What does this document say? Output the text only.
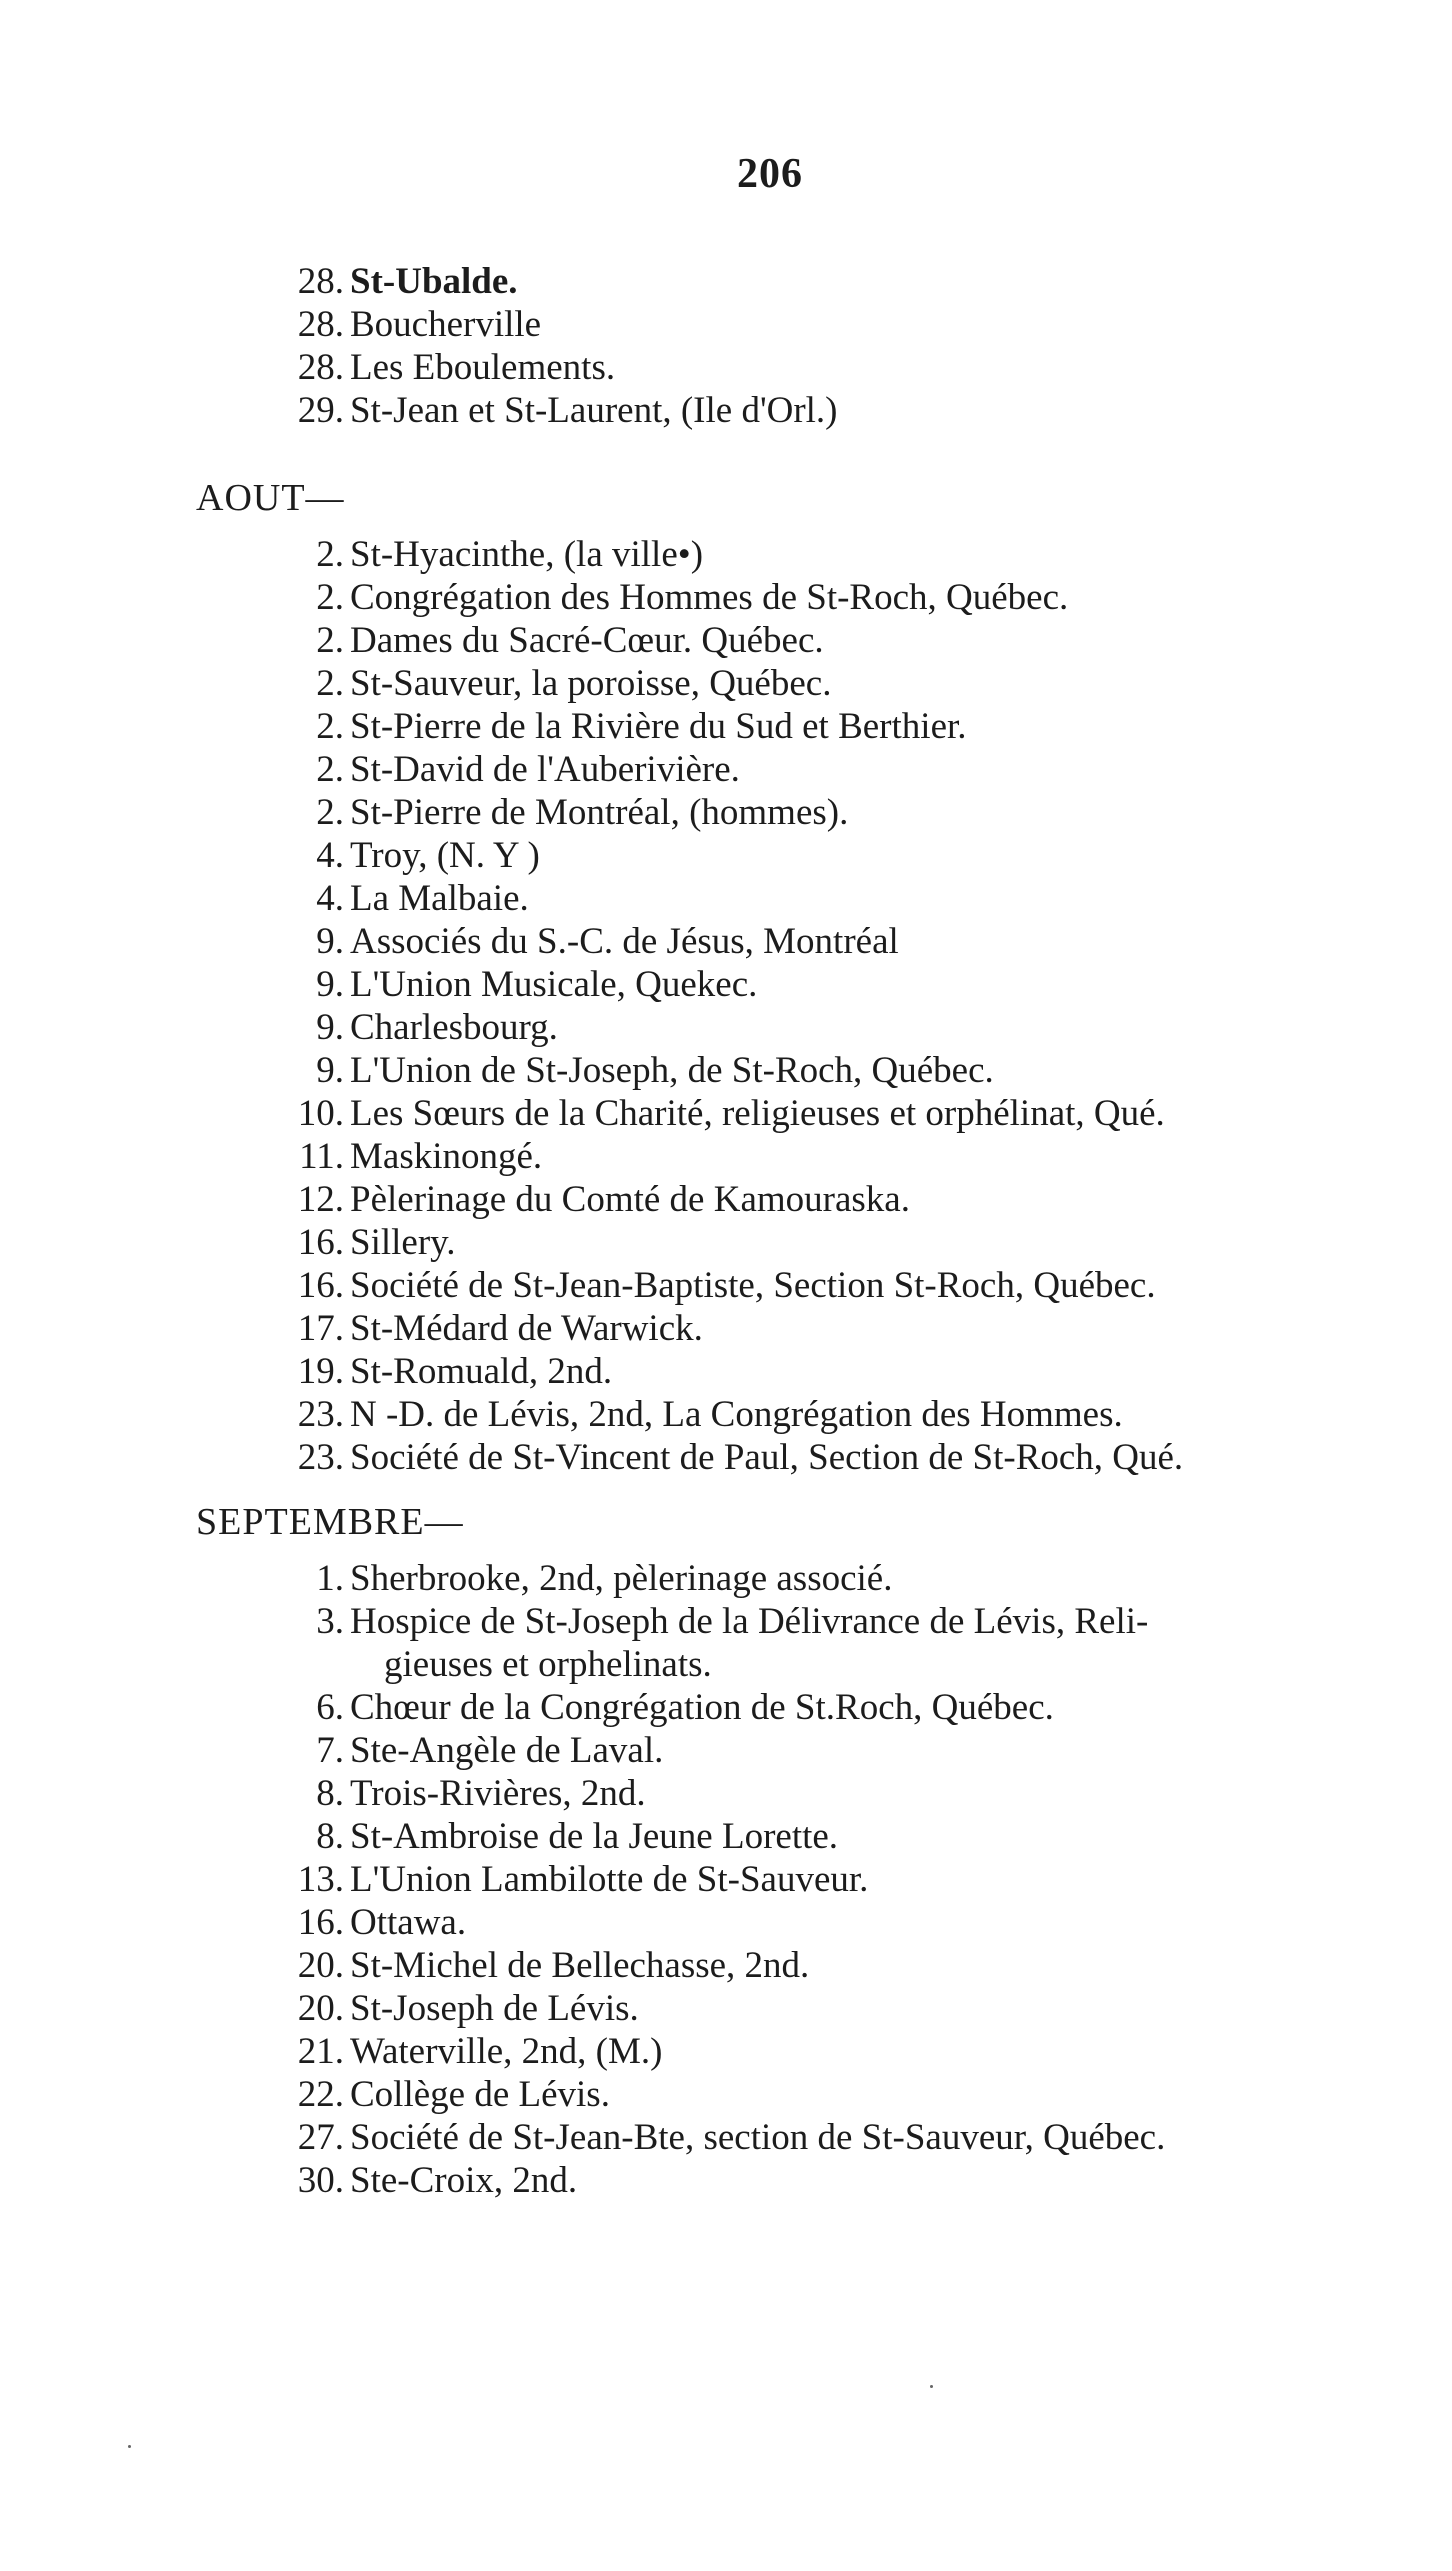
206
28. St-Ubalde.
28. Boucherville
28. Les Eboulements.
29. St-Jean et St-Laurent, (Ile d'Orl.)
AOUT—
2. St-Hyacinthe, (la ville•)
2. Congrégation des Hommes de St-Roch, Québec.
2. Dames du Sacré-Cœur. Québec.
2. St-Sauveur, la poroisse, Québec.
2. St-Pierre de la Rivière du Sud et Berthier.
2. St-David de l'Auberivière.
2. St-Pierre de Montréal, (hommes).
4. Troy, (N. Y )
4. La Malbaie.
9. Associés du S.-C. de Jésus, Montréal
9. L'Union Musicale, Quekec.
9. Charlesbourg.
9. L'Union de St-Joseph, de St-Roch, Québec.
10. Les Sœurs de la Charité, religieuses et orphélinat, Qué.
11. Maskinongé.
12. Pèlerinage du Comté de Kamouraska.
16. Sillery.
16. Société de St-Jean-Baptiste, Section St-Roch, Québec.
17. St-Médard de Warwick.
19. St-Romuald, 2nd.
23. N -D. de Lévis, 2nd, La Congrégation des Hommes.
23. Société de St-Vincent de Paul, Section de St-Roch, Qué.
SEPTEMBRE—
1. Sherbrooke, 2nd, pèlerinage associé.
3. Hospice de St-Joseph de la Délivrance de Lévis, Reli-
gieuses et orphelinats.
6. Chœur de la Congrégation de St.Roch, Québec.
7. Ste-Angèle de Laval.
8. Trois-Rivières, 2nd.
8. St-Ambroise de la Jeune Lorette.
13. L'Union Lambilotte de St-Sauveur.
16. Ottawa.
20. St-Michel de Bellechasse, 2nd.
20. St-Joseph de Lévis.
21. Waterville, 2nd, (M.)
22. Collège de Lévis.
27. Société de St-Jean-Bte, section de St-Sauveur, Québec.
30. Ste-Croix, 2nd.
